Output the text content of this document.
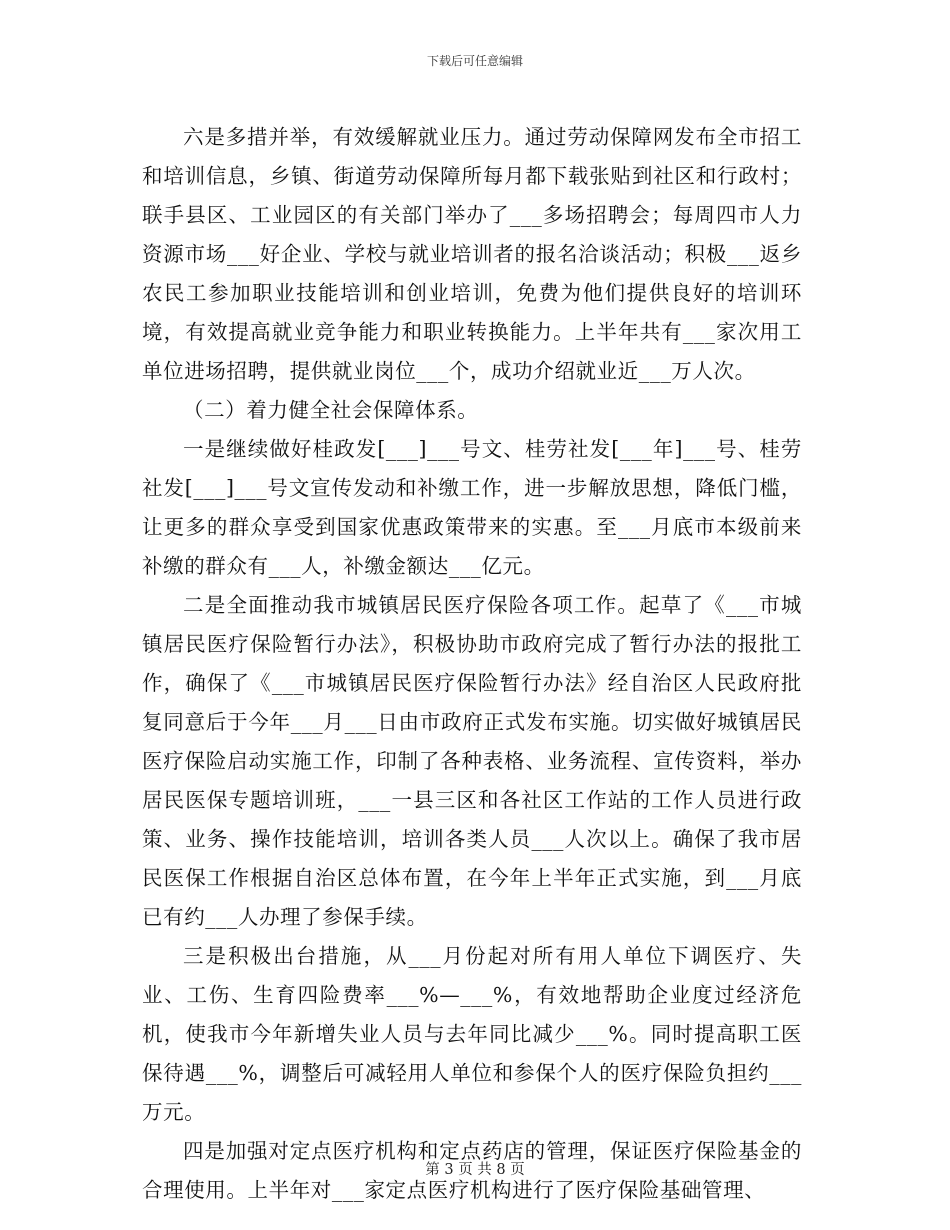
下载后可任意编辑

六是多措并举，有效缓解就业压力。通过劳动保障网发布全市招工和培训信息，乡镇、街道劳动保障所每月都下载张贴到社区和行政村；联手县区、工业园区的有关部门举办了___多场招聘会；每周四市人力资源市场___好企业、学校与就业培训者的报名洽谈活动；积极___返乡农民工参加职业技能培训和创业培训，免费为他们提供良好的培训环境，有效提高就业竞争能力和职业转换能力。上半年共有___家次用工单位进场招聘，提供就业岗位___个，成功介绍就业近___万人次。

（二）着力健全社会保障体系。

一是继续做好桂政发[___]___号文、桂劳社发[___年]___号、桂劳社发[___]___号文宣传发动和补缴工作，进一步解放思想，降低门槛，让更多的群众享受到国家优惠政策带来的实惠。至___月底市本级前来补缴的群众有___人，补缴金额达___亿元。

二是全面推动我市城镇居民医疗保险各项工作。起草了《___市城镇居民医疗保险暂行办法》，积极协助市政府完成了暂行办法的报批工作，确保了《___市城镇居民医疗保险暂行办法》经自治区人民政府批复同意后于今年___月___日由市政府正式发布实施。切实做好城镇居民医疗保险启动实施工作，印制了各种表格、业务流程、宣传资料，举办居民医保专题培训班，___一县三区和各社区工作站的工作人员进行政策、业务、操作技能培训，培训各类人员___人次以上。确保了我市居民医保工作根据自治区总体布置，在今年上半年正式实施，到___月底已有约___人办理了参保手续。

三是积极出台措施，从___月份起对所有用人单位下调医疗、失业、工伤、生育四险费率___%—___%，有效地帮助企业度过经济危机，使我市今年新增失业人员与去年同比减少___%。同时提高职工医保待遇___%，调整后可减轻用人单位和参保个人的医疗保险负担约___万元。

四是加强对定点医疗机构和定点药店的管理，保证医疗保险基金的合理使用。上半年对___家定点医疗机构进行了医疗保险基础管理、

第 3 页 共 8 页
